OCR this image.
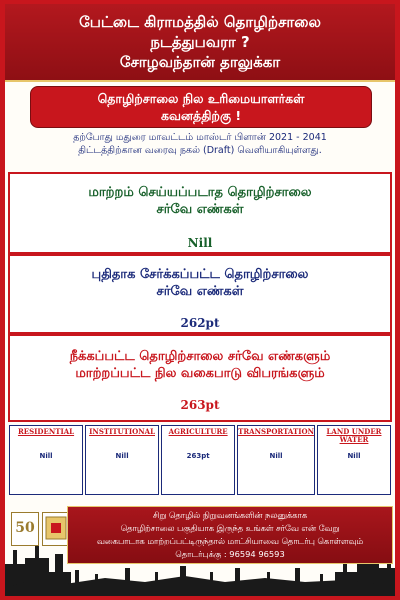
பேட்டை கிராமத்தில் தொழிற்சாலை
நடத்துபவரா ?
சோழவந்தான் தாலுக்கா
தொழிற்சாலை நில உரிமையாளர்கள்
கவனத்திற்கு !
தற்போது மதுரை மாவட்டம் மாஸ்டர் பிளான் 2021 - 2041
திட்டத்திற்கான வரைவு நகல் (Draft) வெளியாகியுள்ளது.
மாற்றம் செய்யப்படாத தொழிற்சாலை
சர்வே எண்கள்
Nill
புதிதாக சேர்க்கப்பட்ட தொழிற்சாலை
சர்வே எண்கள்
262pt
நீக்கப்பட்ட தொழிற்சாலை சர்வே எண்களும்
மாற்றப்பட்ட நில வகைபாடு விபரங்களும்
263pt
RESIDENTIAL
Nill
INSTITUTIONAL
Nill
AGRICULTURE
263pt
TRANSPORTATION
Nill
LAND UNDER WATER
Nill
50
சிறு தொழில் நிறுவனங்களின் நலனுக்காக
தொழிற்சாலை பகுதியாக இருந்த உங்கள் சர்வே என் வேறு
வகைபாடாக மாற்றப்பட்டிருந்தால் மாட்சியாவை தொடர்பு கொள்ளவும்
தொடர்புக்கு : 96594 96593
